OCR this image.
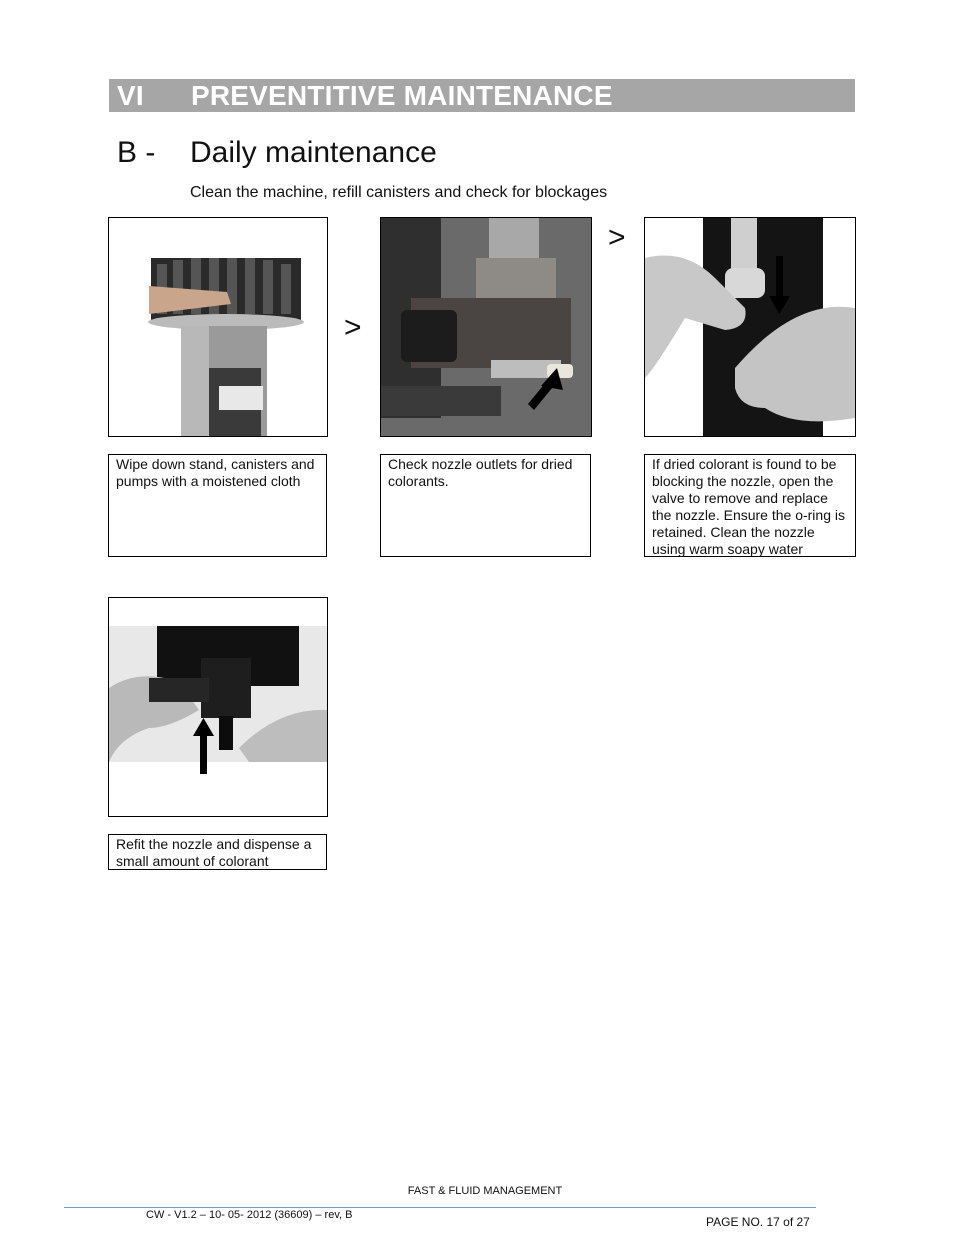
VI PREVENTITIVE MAINTENANCE
B - Daily maintenance
Clean the machine, refill canisters and check for blockages
>
>
Wipe down stand, canisters and pumps with a moistened cloth
Check nozzle outlets for dried colorants.
If dried colorant is found to be blocking the nozzle, open the valve to remove and replace the nozzle. Ensure the o-ring is retained. Clean the nozzle using warm soapy water
Refit the nozzle and dispense a small amount of colorant
FAST & FLUID MANAGEMENT
CW - V1.2 – 10- 05- 2012 (36609) – rev, B	PAGE NO. 17 of 27
